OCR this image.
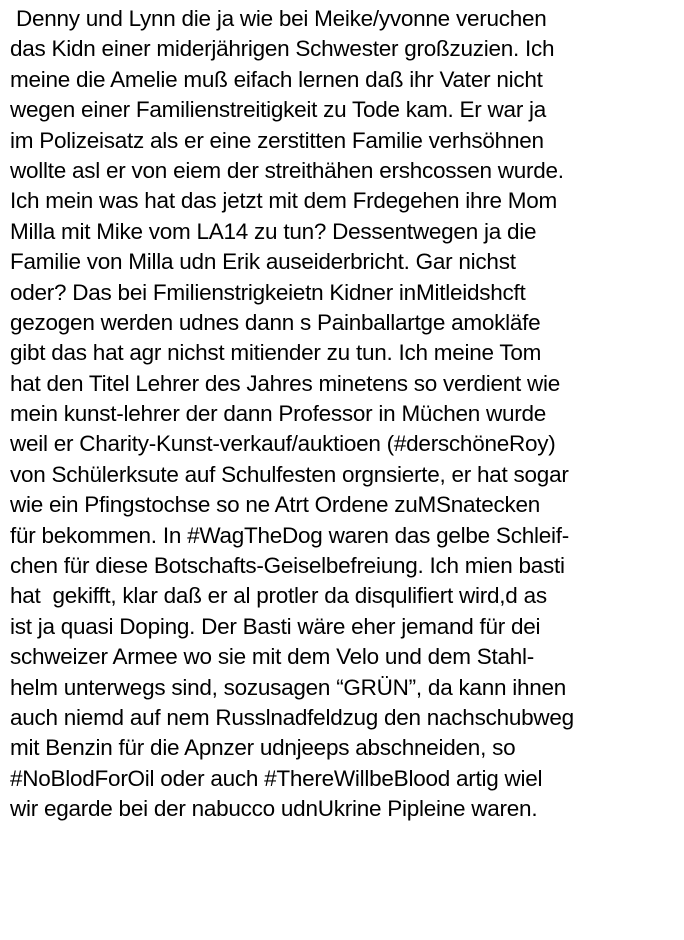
Denny und Lynn die ja wie bei Meike/yvonne veruchen
das Kidn einer miderjährigen Schwester großzuzien. Ich
meine die Amelie muß eifach lernen daß ihr Vater nicht
wegen einer Familienstreitigkeit zu Tode kam. Er war ja
im Polizeisatz als er eine zerstitten Familie verhsöhnen
wollte asl er von eiem der streithähen ershcossen wurde.
Ich mein was hat das jetzt mit dem Frdegehen ihre Mom
Milla mit Mike vom LA14 zu tun? Dessentwegen ja die
Familie von Milla udn Erik auseiderbricht. Gar nichst
oder? Das bei Fmilienstrigkeietn Kidner inMitleidshcft
gezogen werden udnes dann s Painballartge amokläfe
gibt das hat agr nichst mitiender zu tun. Ich meine Tom
hat den Titel Lehrer des Jahres minetens so verdient wie
mein kunst-lehrer der dann Professor in Müchen wurde
weil er Charity-Kunst-verkauf/auktioen (#derschöneRoy)
von Schülerksute auf Schulfesten orgnsierte, er hat sogar
wie ein Pfingstochse so ne Atrt Ordene zuMSnatecken
für bekommen. In #WagTheDog waren das gelbe Schleif-
chen für diese Botschafts-Geiselbefreiung. Ich mien basti
hat  gekifft, klar daß er al protler da disqulifiert wird,d as
ist ja quasi Doping. Der Basti wäre eher jemand für dei
schweizer Armee wo sie mit dem Velo und dem Stahl-
helm unterwegs sind, sozusagen “GRÜN”, da kann ihnen
auch niemd auf nem Russlnadfeldzug den nachschubweg
mit Benzin für die Apnzer udnjeeps abschneiden, so
#NoBlodForOil oder auch #ThereWillbeBlood artig wiel
wir egarde bei der nabucco udnUkrine Pipleine waren.
